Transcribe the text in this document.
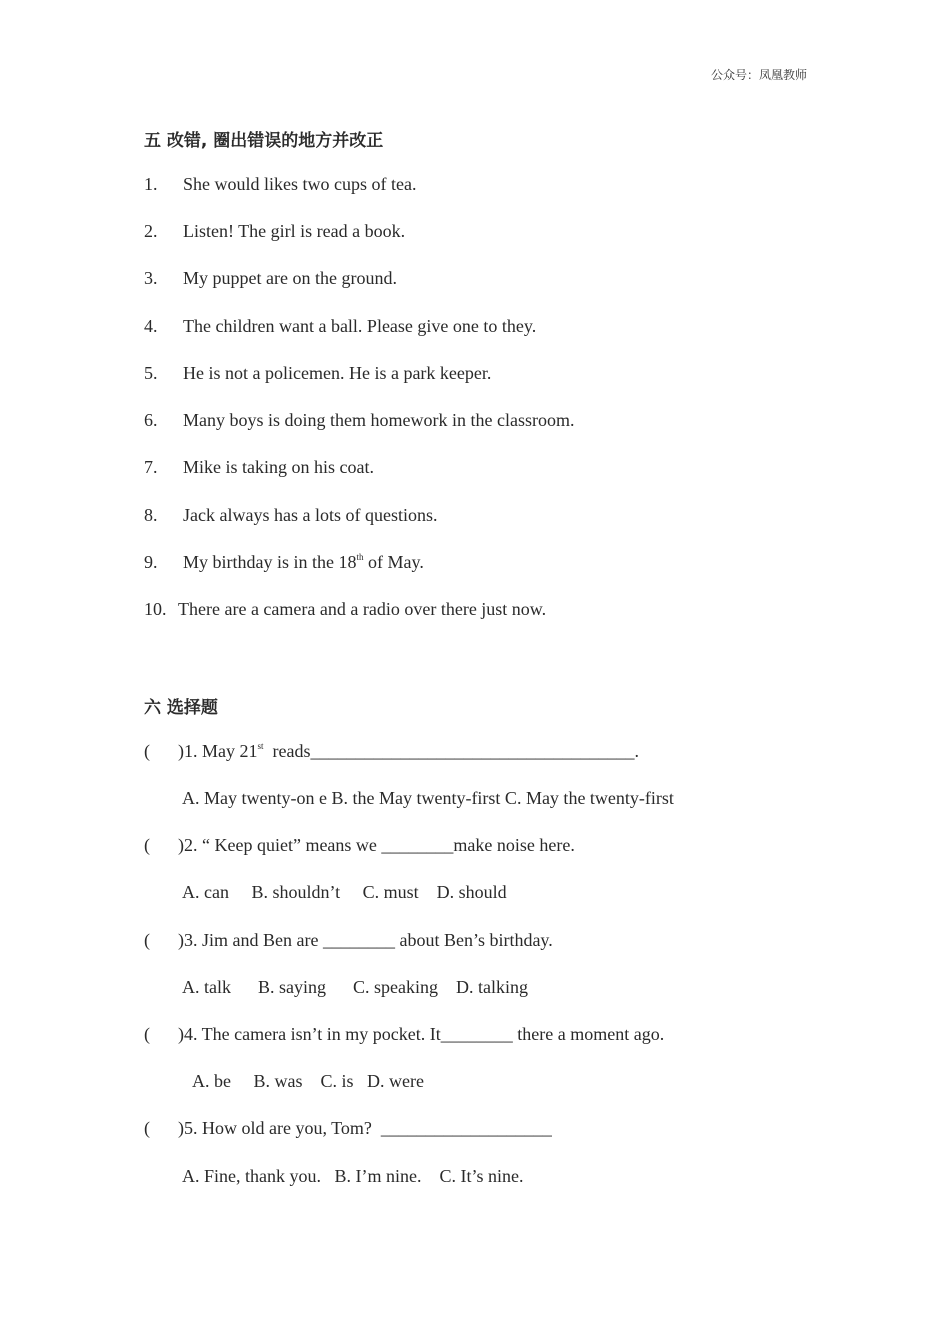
公众号：凤凰教师
五 改错, 圈出错误的地方并改正
1. She would likes two cups of tea.
2. Listen! The girl is read a book.
3. My puppet are on the ground.
4. The children want a ball. Please give one to they.
5. He is not a policemen. He is a park keeper.
6. Many boys is doing them homework in the classroom.
7. Mike is taking on his coat.
8. Jack always has a lots of questions.
9. My birthday is in the 18th of May.
10. There are a camera and a radio over there just now.
六 选择题
( )1. May 21st  reads____________________________________.
A. May twenty-on e B. the May twenty-first C. May the twenty-first
( )2. “ Keep quiet” means we ________make noise here.
A. can     B. shouldn’t     C. must    D. should
( )3. Jim and Ben are ________ about Ben’s birthday.
A. talk      B. saying      C. speaking    D. talking
( )4. The camera isn’t in my pocket. It________ there a moment ago.
A. be     B. was    C. is   D. were
( )5. How old are you, Tom?  ___________________
A. Fine, thank you.   B. I’m nine.    C. It’s nine.
